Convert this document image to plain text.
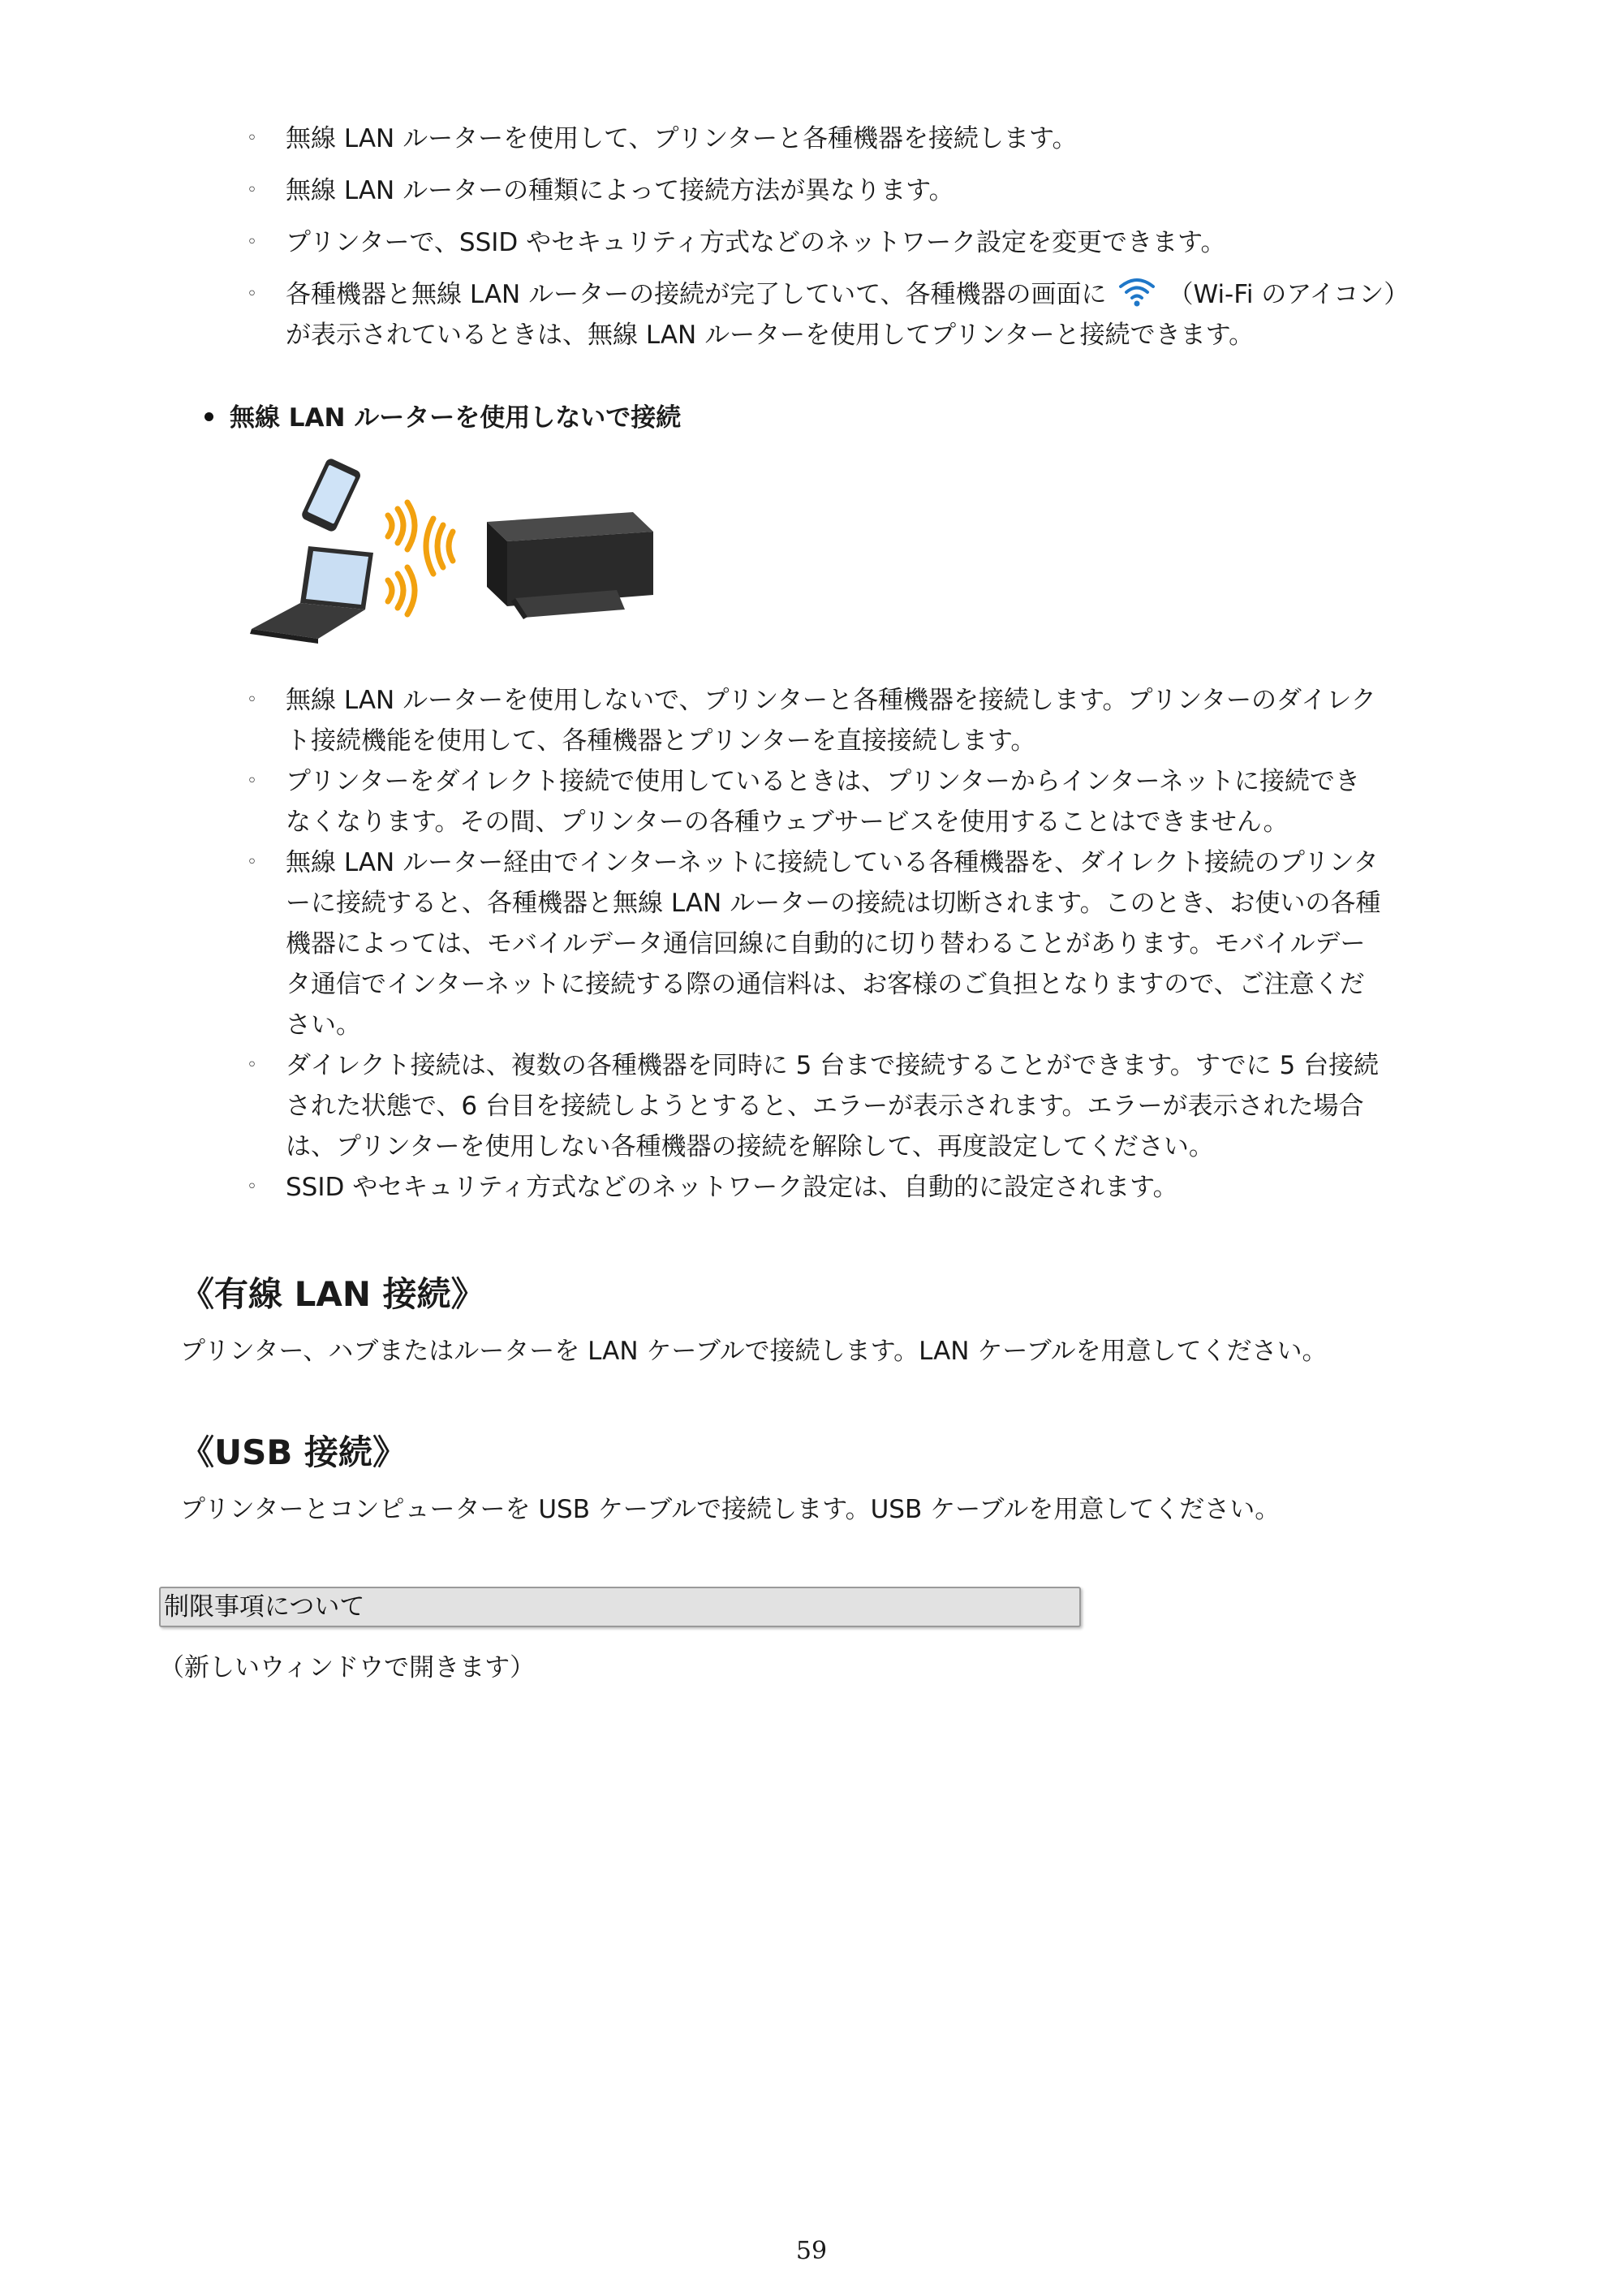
◦ 無線 LAN ルーターを使用して、プリンターと各種機器を接続します。
◦ 無線 LAN ルーターの種類によって接続方法が異なります。
◦ プリンターで、SSID やセキュリティ方式などのネットワーク設定を変更できます。
◦ 各種機器と無線 LAN ルーターの接続が完了していて、各種機器の画面に （Wi-Fi のアイコン）
が表示されているときは、無線 LAN ルーターを使用してプリンターと接続できます。
無線 LAN ルーターを使用しないで接続
◦ 無線 LAN ルーターを使用しないで、プリンターと各種機器を接続します。プリンターのダイレク
ト接続機能を使用して、各種機器とプリンターを直接接続します。
◦ プリンターをダイレクト接続で使用しているときは、プリンターからインターネットに接続でき
なくなります。その間、プリンターの各種ウェブサービスを使用することはできません。
◦ 無線 LAN ルーター経由でインターネットに接続している各種機器を、ダイレクト接続のプリンタ
ーに接続すると、各種機器と無線 LAN ルーターの接続は切断されます。このとき、お使いの各種
機器によっては、モバイルデータ通信回線に自動的に切り替わることがあります。モバイルデー
タ通信でインターネットに接続する際の通信料は、お客様のご負担となりますので、ご注意くだ
さい。
◦ ダイレクト接続は、複数の各種機器を同時に 5 台まで接続することができます。すでに 5 台接続
された状態で、6 台目を接続しようとすると、エラーが表示されます。エラーが表示された場合
は、プリンターを使用しない各種機器の接続を解除して、再度設定してください。
◦ SSID やセキュリティ方式などのネットワーク設定は、自動的に設定されます。
《有線 LAN 接続》
プリンター、ハブまたはルーターを LAN ケーブルで接続します。LAN ケーブルを用意してください。
《USB 接続》
プリンターとコンピューターを USB ケーブルで接続します。USB ケーブルを用意してください。
制限事項について
（新しいウィンドウで開きます）
59
